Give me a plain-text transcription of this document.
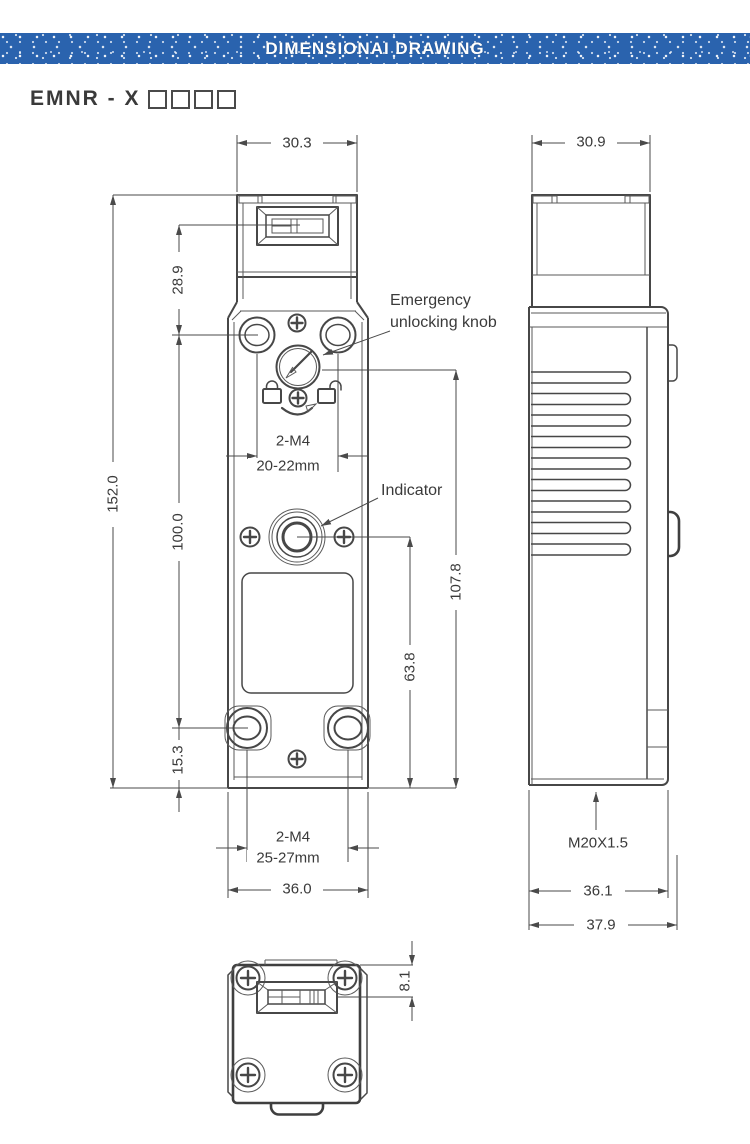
DIMENSIONAI DRAWING
EMNR - X
30.3
28.9
152.0
100.0
15.3
107.8
63.8
2-M4
20-22mm
2-M4
25-27mm
36.0
Emergency
unlocking knob
Indicator
M20X1.5
30.9
36.1
37.9
8.1
